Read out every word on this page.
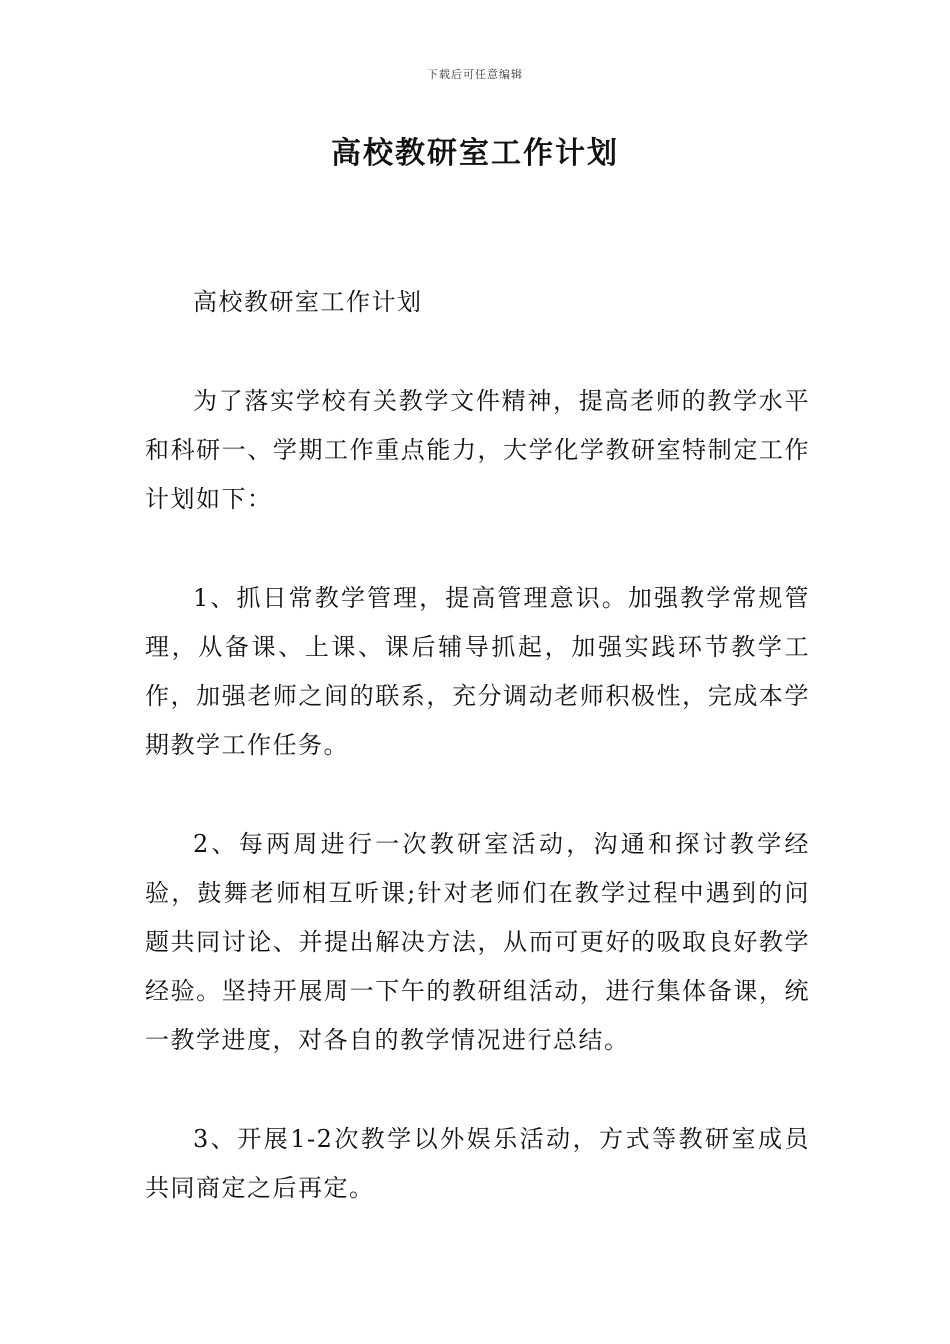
下载后可任意编辑
高校教研室工作计划

高校教研室工作计划

为了落实学校有关教学文件精神，提高老师的教学水平和科研一、学期工作重点能力，大学化学教研室特制定工作计划如下：

1、抓日常教学管理，提高管理意识。加强教学常规管理，从备课、上课、课后辅导抓起，加强实践环节教学工作，加强老师之间的联系，充分调动老师积极性，完成本学期教学工作任务。

2、每两周进行一次教研室活动，沟通和探讨教学经验，鼓舞老师相互听课;针对老师们在教学过程中遇到的问题共同讨论、并提出解决方法，从而可更好的吸取良好教学经验。坚持开展周一下午的教研组活动，进行集体备课，统一教学进度，对各自的教学情况进行总结。

3、开展1-2次教学以外娱乐活动，方式等教研室成员共同商定之后再定。
